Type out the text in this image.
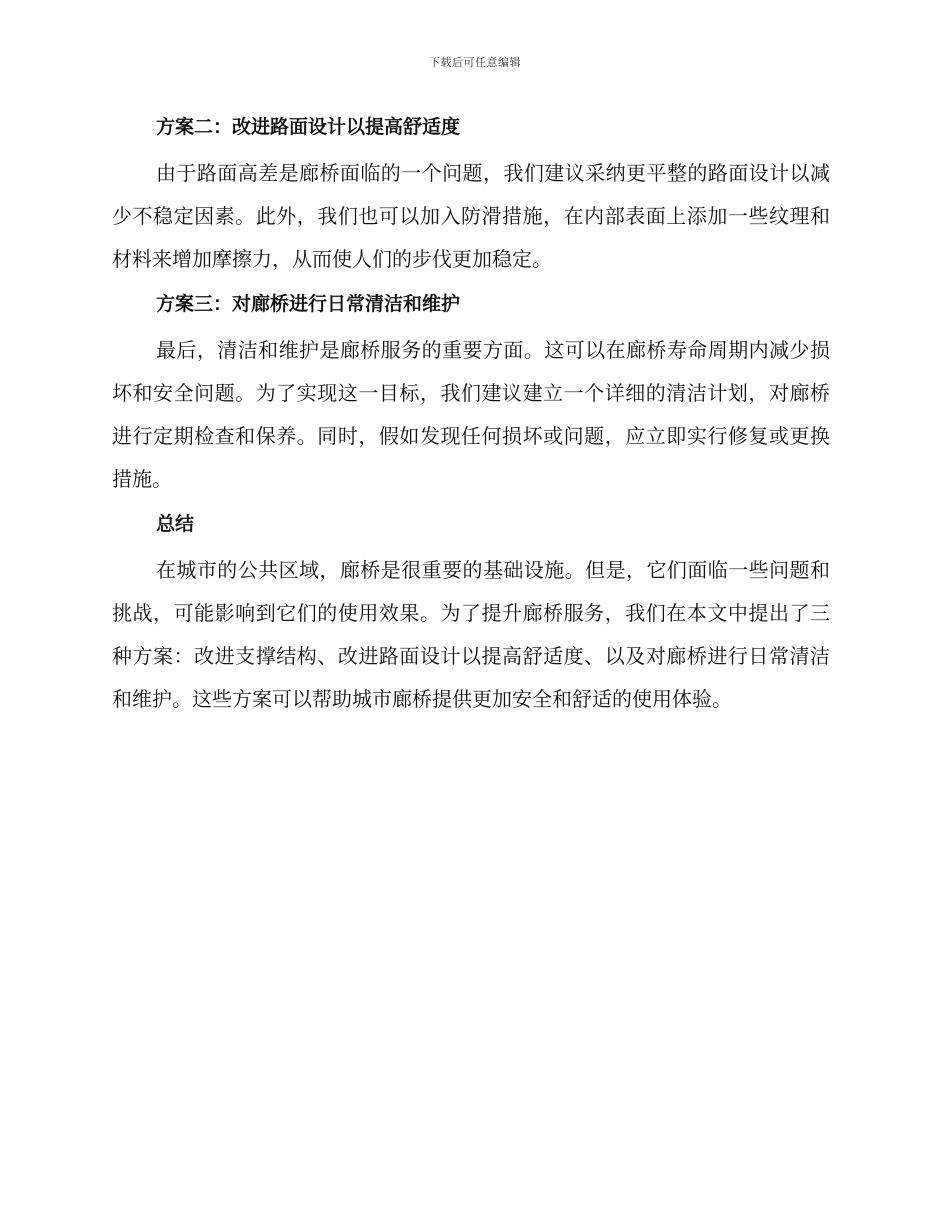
下载后可任意编辑
方案二：改进路面设计以提高舒适度

由于路面高差是廊桥面临的一个问题，我们建议采纳更平整的路面设计以减少不稳定因素。此外，我们也可以加入防滑措施，在内部表面上添加一些纹理和材料来增加摩擦力，从而使人们的步伐更加稳定。

方案三：对廊桥进行日常清洁和维护

最后，清洁和维护是廊桥服务的重要方面。这可以在廊桥寿命周期内减少损坏和安全问题。为了实现这一目标，我们建议建立一个详细的清洁计划，对廊桥进行定期检查和保养。同时，假如发现任何损坏或问题，应立即实行修复或更换措施。

总结

在城市的公共区域，廊桥是很重要的基础设施。但是，它们面临一些问题和挑战，可能影响到它们的使用效果。为了提升廊桥服务，我们在本文中提出了三种方案：改进支撑结构、改进路面设计以提高舒适度、以及对廊桥进行日常清洁和维护。这些方案可以帮助城市廊桥提供更加安全和舒适的使用体验。
